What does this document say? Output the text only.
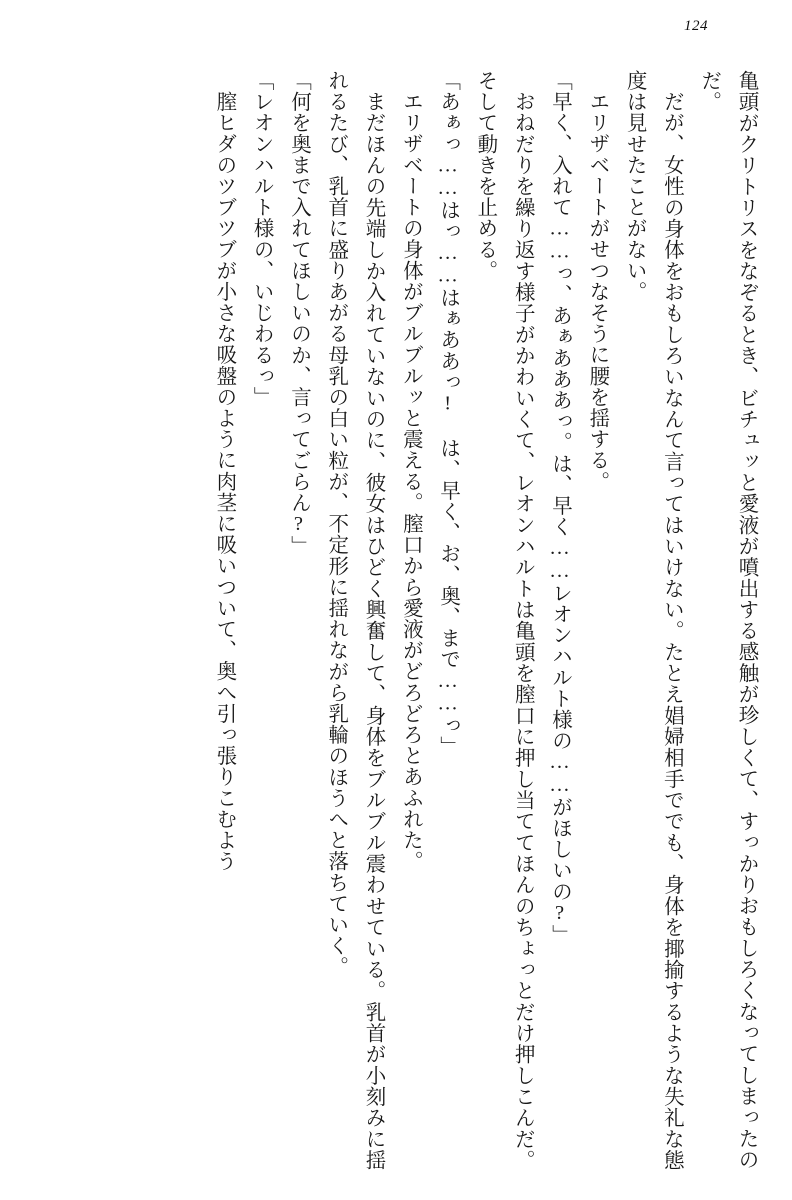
124

亀頭がクリトリスをなぞるとき、ビチュッと愛液が噴出する感触が珍しくて、すっかりおもしろくなってしまったのだ。

だが、女性の身体をおもしろいなんて言ってはいけない。たとえ娼婦相手ででも、身体を揶揄するような失礼な態度は見せたことがない。

エリザベートがせつなそうに腰を揺する。

「早く、入れて……っ、あぁあああっ。は、早く……レオンハルト様の……がほしいの?」

おねだりを繰り返す様子がかわいくて、レオンハルトは亀頭を膣口に押し当ててほんのちょっとだけ押しこんだ。そして動きを止める。

「あぁっ……はっ……はぁああっ! は、早く、お、奥、まで……っ」

エリザベートの身体がブルブルッと震える。膣口から愛液がどろどろとあふれた。

まだほんの先端しか入れていないのに、彼女はひどく興奮して、身体をブルブル震わせている。乳首が小刻みに揺れるたび、乳首に盛りあがる母乳の白い粒が、不定形に揺れながら乳輪のほうへと落ちていく。

「何を奥まで入れてほしいのか、言ってごらん?」

「レオンハルト様の、いじわるっ」

膣ヒダのツブツブが小さな吸盤のように肉茎に吸いついて、奥へ引っ張りこむよう
